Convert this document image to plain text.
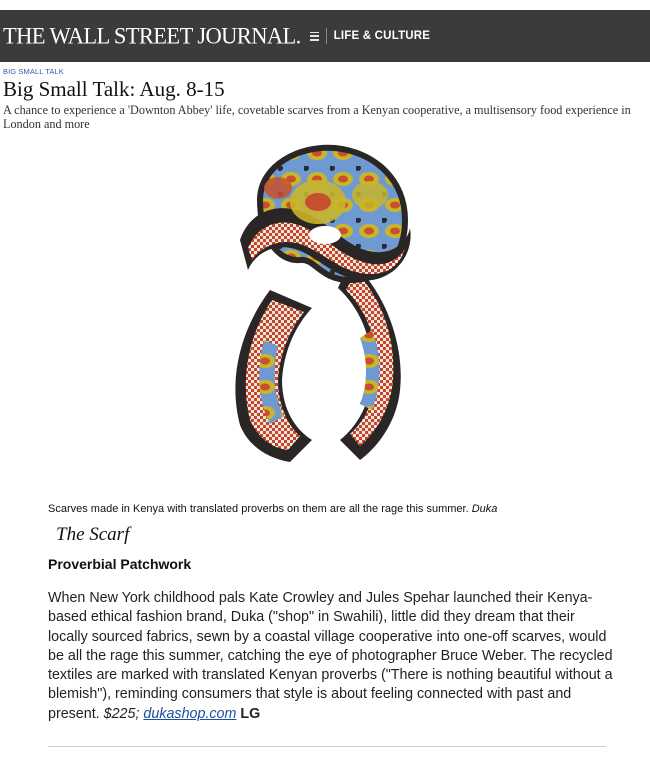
THE WALL STREET JOURNAL.	LIFE & CULTURE
BIG SMALL TALK
Big Small Talk: Aug. 8-15

A chance to experience a 'Downton Abbey' life, covetable scarves from a Kenyan cooperative, a multisensory food experience in London and more

Scarves made in Kenya with translated proverbs on them are all the rage this summer. Duka
The Scarf
Proverbial Patchwork

When New York childhood pals Kate Crowley and Jules Spehar launched their Kenya-based ethical fashion brand, Duka ("shop" in Swahili), little did they dream that their locally sourced fabrics, sewn by a coastal village cooperative into one-off scarves, would be all the rage this summer, catching the eye of photographer Bruce Weber. The recycled textiles are marked with translated Kenyan proverbs ("There is nothing beautiful without a blemish"), reminding consumers that style is about feeling connected with past and present. $225; dukashop.com LG
